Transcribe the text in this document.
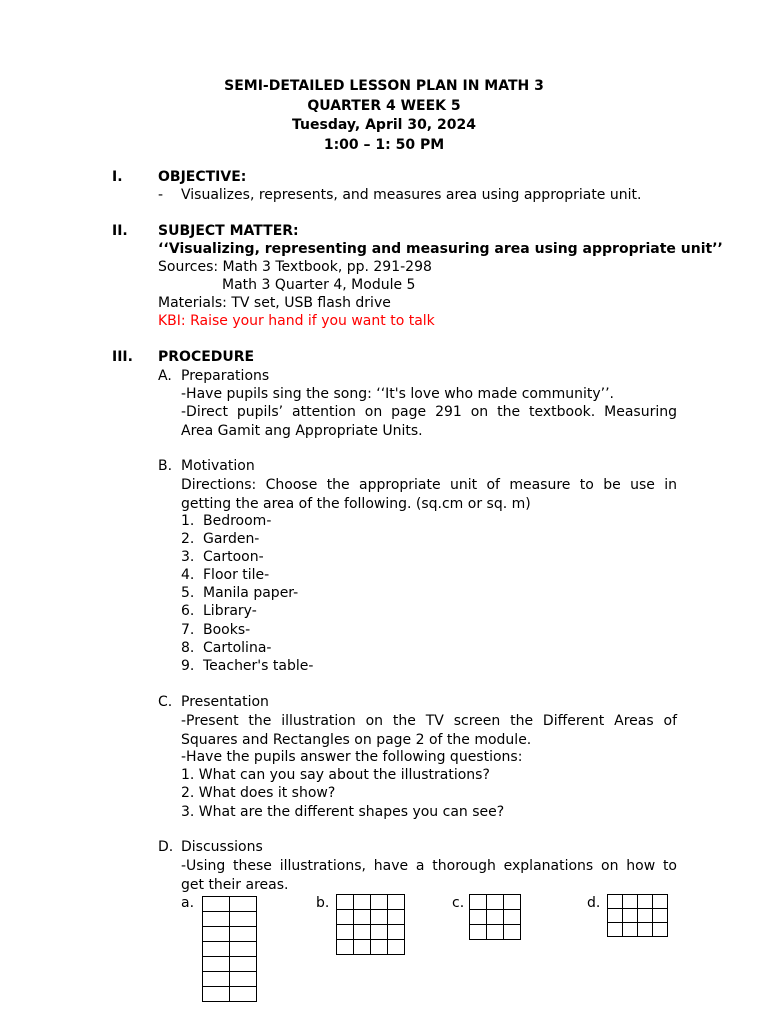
SEMI-DETAILED LESSON PLAN IN MATH 3
QUARTER 4 WEEK 5
Tuesday, April 30, 2024
1:00 – 1: 50 PM
I.	OBJECTIVE:
- Visualizes, represents, and measures area using appropriate unit.
II. SUBJECT MATTER:
‘‘Visualizing, representing and measuring area using appropriate unit’’
Sources: Math 3 Textbook, pp. 291-298
Math 3 Quarter 4, Module 5
Materials: TV set, USB flash drive
KBI: Raise your hand if you want to talk
III. PROCEDURE
A. Preparations
-Have pupils sing the song: ‘‘It's love who made community’’.
-Direct pupils’ attention on page 291 on the textbook. Measuring
Area Gamit ang Appropriate Units.
B. Motivation
Directions: Choose the appropriate unit of measure to be use in
getting the area of the following. (sq.cm or sq. m)
1. Bedroom-
2. Garden-
3. Cartoon-
4. Floor tile-
5. Manila paper-
6. Library-
7. Books-
8. Cartolina-
9. Teacher's table-
C. Presentation
-Present the illustration on the TV screen the Different Areas of
Squares and Rectangles on page 2 of the module.
-Have the pupils answer the following questions:
1. What can you say about the illustrations?
2. What does it show?
3. What are the different shapes you can see?
D. Discussions
-Using these illustrations, have a thorough explanations on how to
get their areas.
a.

		b.

				c.

			d.
